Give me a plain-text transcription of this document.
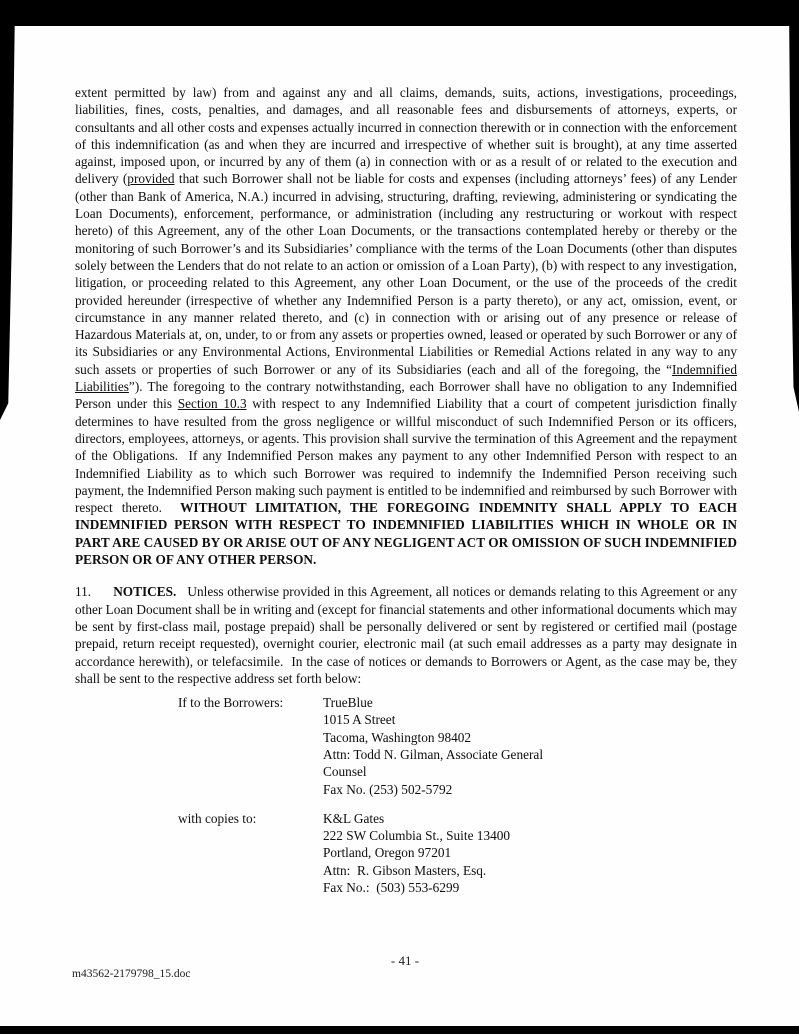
extent permitted by law) from and against any and all claims, demands, suits, actions, investigations, proceedings, liabilities, fines, costs, penalties, and damages, and all reasonable fees and disbursements of attorneys, experts, or consultants and all other costs and expenses actually incurred in connection therewith or in connection with the enforcement of this indemnification (as and when they are incurred and irrespective of whether suit is brought), at any time asserted against, imposed upon, or incurred by any of them (a) in connection with or as a result of or related to the execution and delivery (provided that such Borrower shall not be liable for costs and expenses (including attorneys’ fees) of any Lender (other than Bank of America, N.A.) incurred in advising, structuring, drafting, reviewing, administering or syndicating the Loan Documents), enforcement, performance, or administration (including any restructuring or workout with respect hereto) of this Agreement, any of the other Loan Documents, or the transactions contemplated hereby or thereby or the monitoring of such Borrower’s and its Subsidiaries’ compliance with the terms of the Loan Documents (other than disputes solely between the Lenders that do not relate to an action or omission of a Loan Party), (b) with respect to any investigation, litigation, or proceeding related to this Agreement, any other Loan Document, or the use of the proceeds of the credit provided hereunder (irrespective of whether any Indemnified Person is a party thereto), or any act, omission, event, or circumstance in any manner related thereto, and (c) in connection with or arising out of any presence or release of Hazardous Materials at, on, under, to or from any assets or properties owned, leased or operated by such Borrower or any of its Subsidiaries or any Environmental Actions, Environmental Liabilities or Remedial Actions related in any way to any such assets or properties of such Borrower or any of its Subsidiaries (each and all of the foregoing, the “Indemnified Liabilities”). The foregoing to the contrary notwithstanding, each Borrower shall have no obligation to any Indemnified Person under this Section 10.3 with respect to any Indemnified Liability that a court of competent jurisdiction finally determines to have resulted from the gross negligence or willful misconduct of such Indemnified Person or its officers, directors, employees, attorneys, or agents. This provision shall survive the termination of this Agreement and the repayment of the Obligations.  If any Indemnified Person makes any payment to any other Indemnified Person with respect to an Indemnified Liability as to which such Borrower was required to indemnify the Indemnified Person receiving such payment, the Indemnified Person making such payment is entitled to be indemnified and reimbursed by such Borrower with respect thereto.  WITHOUT LIMITATION, THE FOREGOING INDEMNITY SHALL APPLY TO EACH INDEMNIFIED PERSON WITH RESPECT TO INDEMNIFIED LIABILITIES WHICH IN WHOLE OR IN PART ARE CAUSED BY OR ARISE OUT OF ANY NEGLIGENT ACT OR OMISSION OF SUCH INDEMNIFIED PERSON OR OF ANY OTHER PERSON.

11.      NOTICES.   Unless otherwise provided in this Agreement, all notices or demands relating to this Agreement or any other Loan Document shall be in writing and (except for financial statements and other informational documents which may be sent by first-class mail, postage prepaid) shall be personally delivered or sent by registered or certified mail (postage prepaid, return receipt requested), overnight courier, electronic mail (at such email addresses as a party may designate in accordance herewith), or telefacsimile.  In the case of notices or demands to Borrowers or Agent, as the case may be, they shall be sent to the respective address set forth below:

If to the Borrowers:	TrueBlue
1015 A Street
Tacoma, Washington 98402
Attn: Todd N. Gilman, Associate General
Counsel
Fax No. (253) 502-5792
with copies to:	K&L Gates
222 SW Columbia St., Suite 13400
Portland, Oregon 97201
Attn:  R. Gibson Masters, Esq.
Fax No.:  (503) 553-6299
- 41 -
m43562-2179798_15.doc
